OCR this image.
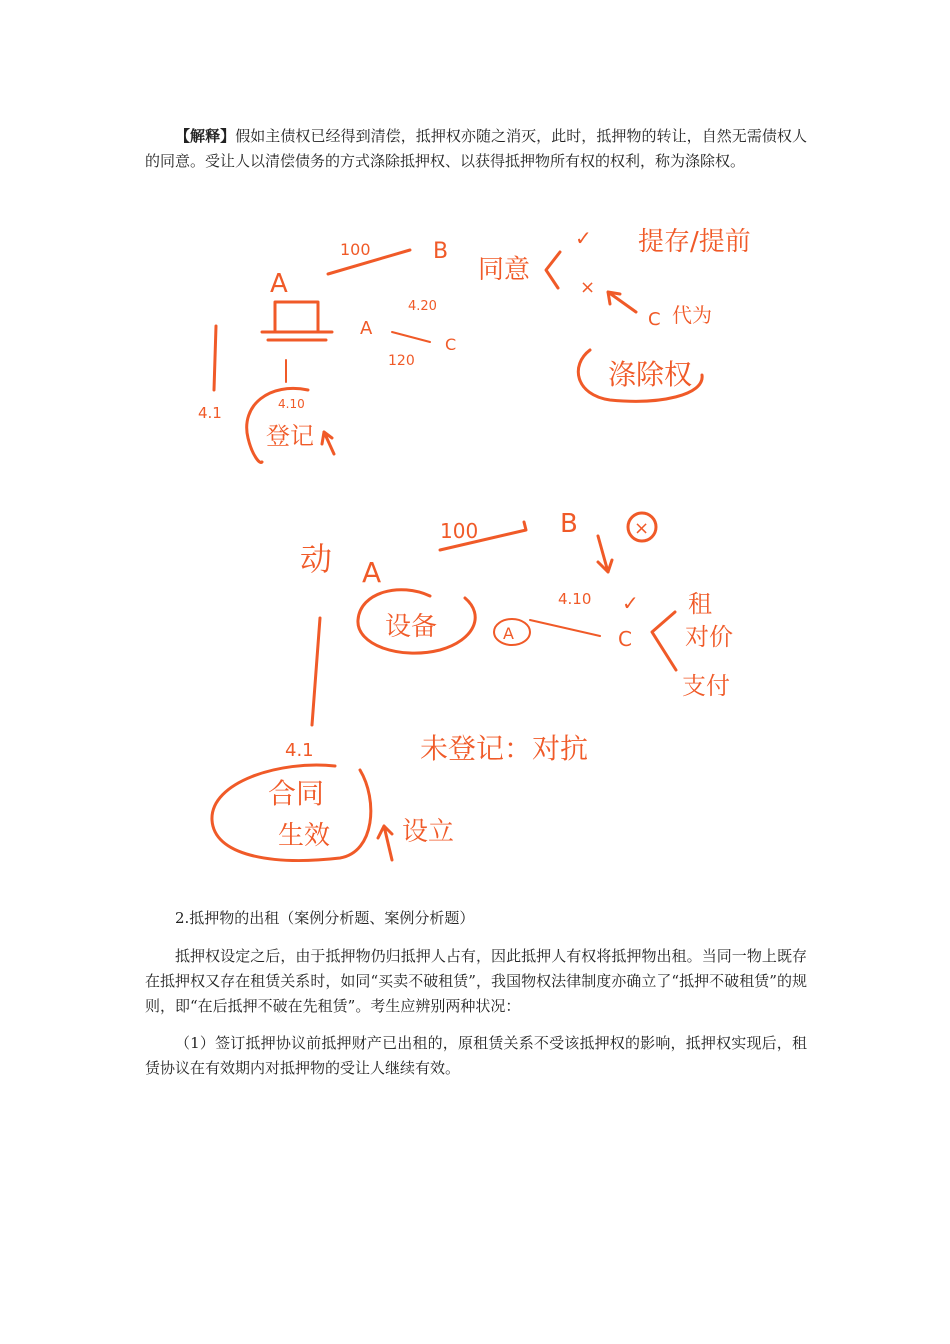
【解释】假如主债权已经得到清偿，抵押权亦随之消灭，此时，抵押物的转让，自然无需债权人的同意。受让人以清偿债务的方式涤除抵押权、以获得抵押物所有权的权利，称为涤除权。

A
100	B
同意
✓
×
提存/提前
A
4.20
C
120
C 代为
涤除权
4.1	4.10
登记
动 A
100	B	×
设备	A
4.10 ✓
C
租
对价
支付
未登记：对抗
4.1
合同
生效	设立

2.抵押物的出租（案例分析题、案例分析题）

抵押权设定之后，由于抵押物仍归抵押人占有，因此抵押人有权将抵押物出租。当同一物上既存在抵押权又存在租赁关系时，如同“买卖不破租赁”，我国物权法律制度亦确立了“抵押不破租赁”的规则，即“在后抵押不破在先租赁”。考生应辨别两种状况：

（1）签订抵押协议前抵押财产已出租的，原租赁关系不受该抵押权的影响，抵押权实现后，租赁协议在有效期内对抵押物的受让人继续有效。
